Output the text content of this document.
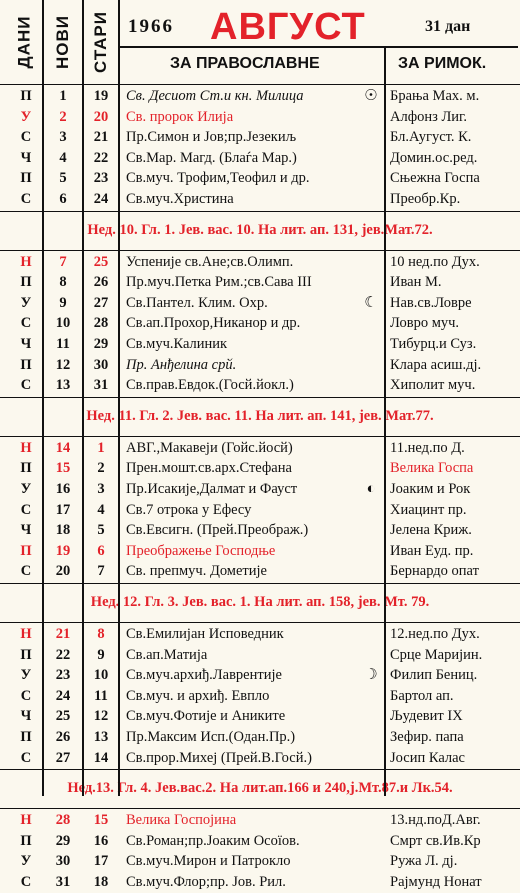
ДАНИ НОВИ СТАРИ 1966 АВГУСТ	31 дан
ЗА ПРАВОСЛАВНЕ	ЗА РИМОК.
П	1	19	Св. Десиот Ст.и кн. Милица	☉ Брања Мах. м.
У	2	20	Св. пророк Илија	Алфонз Лиг.
С	3	21	Пр.Симон и Јов;пр.Језекиљ	Бл.Аугуст. К.
Ч	4	22	Св.Мар. Магд. (Блаѓа Мар.)	Домин.ос.ред.
П	5	23	Св.муч. Трофим,Теофил и др.	Сњежна Госпа
С	6	24	Св.муч.Христина	Преобр.Кр.
Нед. 10. Гл. 1. Јев. вас. 10. На лит. ап. 131, јев.Мат.72.
Н	7	25	Успеније св.Ане;св.Олимп.	10 нед.по Дух.
П	8	26	Пр.муч.Петка Рим.;св.Сава III	Иван М.
У	9	27	Св.Пантел. Клим. Охр.	☾ Нав.св.Ловре
С	10	28	Св.ап.Прохор,Никанор и др.	Ловро муч.
Ч	11	29	Св.муч.Калиник	Тибурц.и Суз.
П	12	30	Пр. Анђелина срй.	Клара асиш.дј.
С	13	31	Св.прав.Евдок.(Госй.йокл.)	Хиполит муч.
Нед. 11. Гл. 2. Јев. вас. 11. На лит. ап. 141, јев. Мат.77.
Н	14	1	АВГ.,Макавеји (Гойс.йосй)	11.нед.по Д.
П	15	2	Прен.мошт.св.арх.Стефана	Велика Госпа
У	16	3	Пр.Исакије,Далмат и Фауст	◐ Јоаким и Рок
С	17	4	Св.7 отрока у Ефесу	Хиацинт пр.
Ч	18	5	Св.Евсигн. (Прей.Преображ.)	Јелена Криж.
П	19	6	Преображење Господње	Иван Еуд. пр.
С	20	7	Св. препмуч. Дометије	Бернардо опат
Нед. 12. Гл. 3. Јев. вас. 1. На лит. ап. 158, јев. Мт. 79.
Н	21	8	Св.Емилијан Исповедник	12.нед.по Дух.
П	22	9	Св.ап.Матија	Срце Маријин.
У	23	10	Св.муч.архиђ.Лаврентије	☽ Филип Бениц.
С	24	11	Св.муч. и архиђ. Евпло	Бартол ап.
Ч	25	12	Св.муч.Фотије и Аниките	Људевит IX
П	26	13	Пр.Максим Исп.(Одан.Пр.)	Зефир. папа
С	27	14	Св.прор.Михеј (Прей.В.Госй.)	Јосип Калас
Нед.13. Гл. 4. Јев.вас.2. На лит.ап.166 и 240,ј.Мт.87.и Лк.54.
Н	28	15	Велика Госпојина	13.нд.поД.Авг.
П	29	16	Св.Роман;пр.Јоаким Осоїов.	Смрт св.Ив.Кр
У	30	17	Св.муч.Мирон и Патрокло	Ружа Л. дј.
С	31	18	Св.муч.Флор;пр. Јов. Рил.	Рајмунд Нонат
